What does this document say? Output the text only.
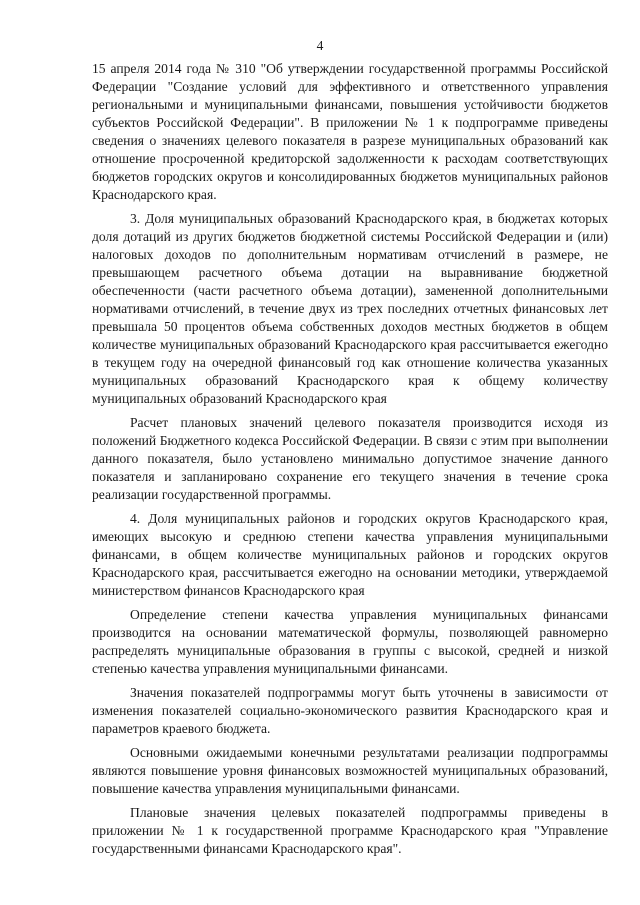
4

15 апреля 2014 года № 310 "Об утверждении государственной программы Российской Федерации "Создание условий для эффективного и ответственного управления региональными и муниципальными финансами, повышения устойчивости бюджетов субъектов Российской Федерации". В приложении № 1 к подпрограмме приведены сведения о значениях целевого показателя в разрезе муниципальных образований как отношение просроченной кредиторской задолженности к расходам соответствующих бюджетов городских округов и консолидированных бюджетов муниципальных районов Краснодарского края.

3. Доля муниципальных образований Краснодарского края, в бюджетах которых доля дотаций из других бюджетов бюджетной системы Российской Федерации и (или) налоговых доходов по дополнительным нормативам отчислений в размере, не превышающем расчетного объема дотации на выравнивание бюджетной обеспеченности (части расчетного объема дотации), замененной дополнительными нормативами отчислений, в течение двух из трех последних отчетных финансовых лет превышала 50 процентов объема собственных доходов местных бюджетов в общем количестве муниципальных образований Краснодарского края рассчитывается ежегодно в текущем году на очередной финансовый год как отношение количества указанных муниципальных образований Краснодарского края к общему количеству муниципальных образований Краснодарского края

Расчет плановых значений целевого показателя производится исходя из положений Бюджетного кодекса Российской Федерации. В связи с этим при выполнении данного показателя, было установлено минимально допустимое значение данного показателя и запланировано сохранение его текущего значения в течение срока реализации государственной программы.

4. Доля муниципальных районов и городских округов Краснодарского края, имеющих высокую и среднюю степени качества управления муниципальными финансами, в общем количестве муниципальных районов и городских округов Краснодарского края, рассчитывается ежегодно на основании методики, утверждаемой министерством финансов Краснодарского края

Определение степени качества управления муниципальных финансами производится на основании математической формулы, позволяющей равномерно распределять муниципальные образования в группы с высокой, средней и низкой степенью качества управления муниципальными финансами.

Значения показателей подпрограммы могут быть уточнены в зависимости от изменения показателей социально-экономического развития Краснодарского края и параметров краевого бюджета.

Основными ожидаемыми конечными результатами реализации подпрограммы являются повышение уровня финансовых возможностей муниципальных образований, повышение качества управления муниципальными финансами.

Плановые значения целевых показателей подпрограммы приведены в приложении № 1 к государственной программе Краснодарского края "Управление государственными финансами Краснодарского края".
